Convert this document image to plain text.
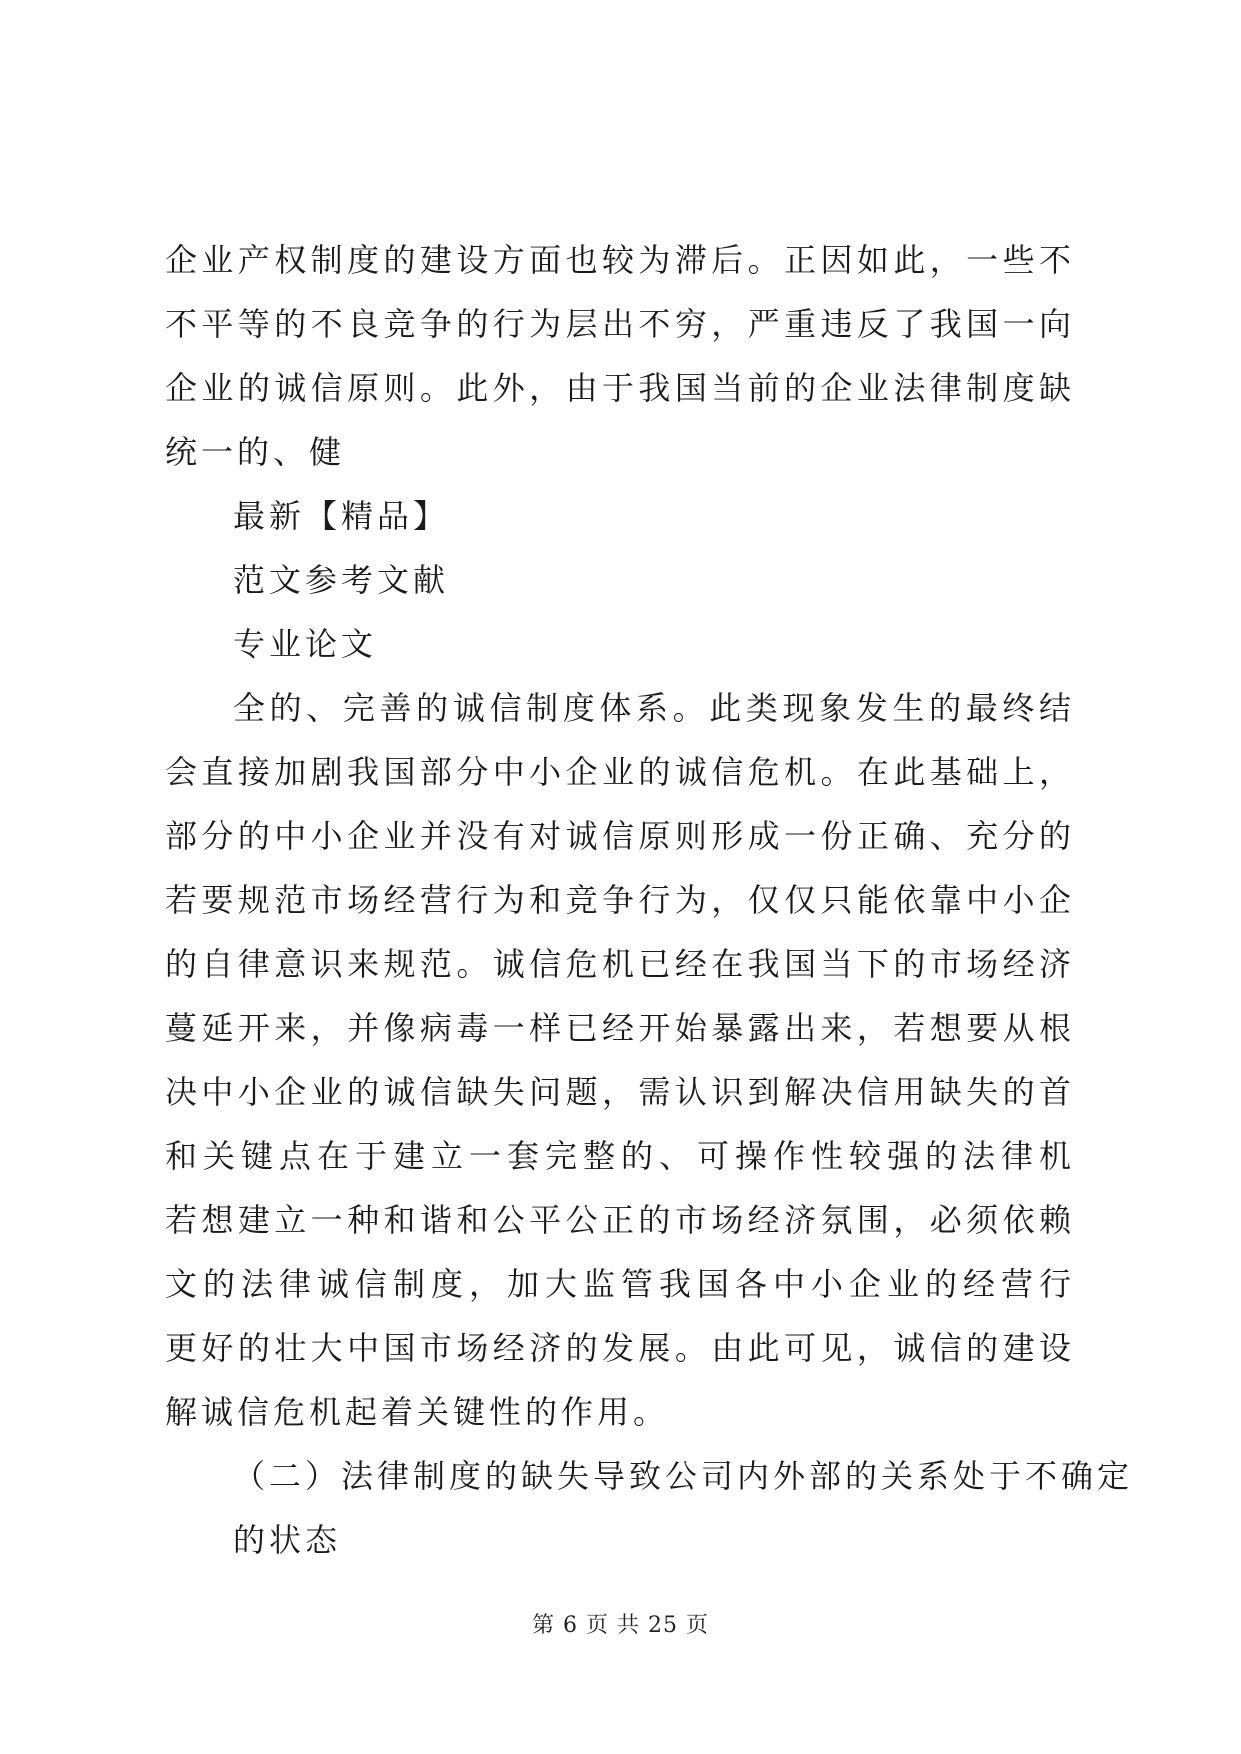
企业产权制度的建设方面也较为滞后。正因如此，一些不
不平等的不良竞争的行为层出不穷，严重违反了我国一向
企业的诚信原则。此外，由于我国当前的企业法律制度缺
统一的、健
最新【精品】
范文参考文献
专业论文
全的、完善的诚信制度体系。此类现象发生的最终结
会直接加剧我国部分中小企业的诚信危机。在此基础上，
部分的中小企业并没有对诚信原则形成一份正确、充分的
若要规范市场经营行为和竞争行为，仅仅只能依靠中小企
的自律意识来规范。诚信危机已经在我国当下的市场经济
蔓延开来，并像病毒一样已经开始暴露出来，若想要从根
决中小企业的诚信缺失问题，需认识到解决信用缺失的首
和关键点在于建立一套完整的、可操作性较强的法律机
若想建立一种和谐和公平公正的市场经济氛围，必须依赖
文的法律诚信制度，加大监管我国各中小企业的经营行
更好的壮大中国市场经济的发展。由此可见，诚信的建设
解诚信危机起着关键性的作用。
（二）法律制度的缺失导致公司内外部的关系处于不确定
的状态
第 6 页 共 25 页
